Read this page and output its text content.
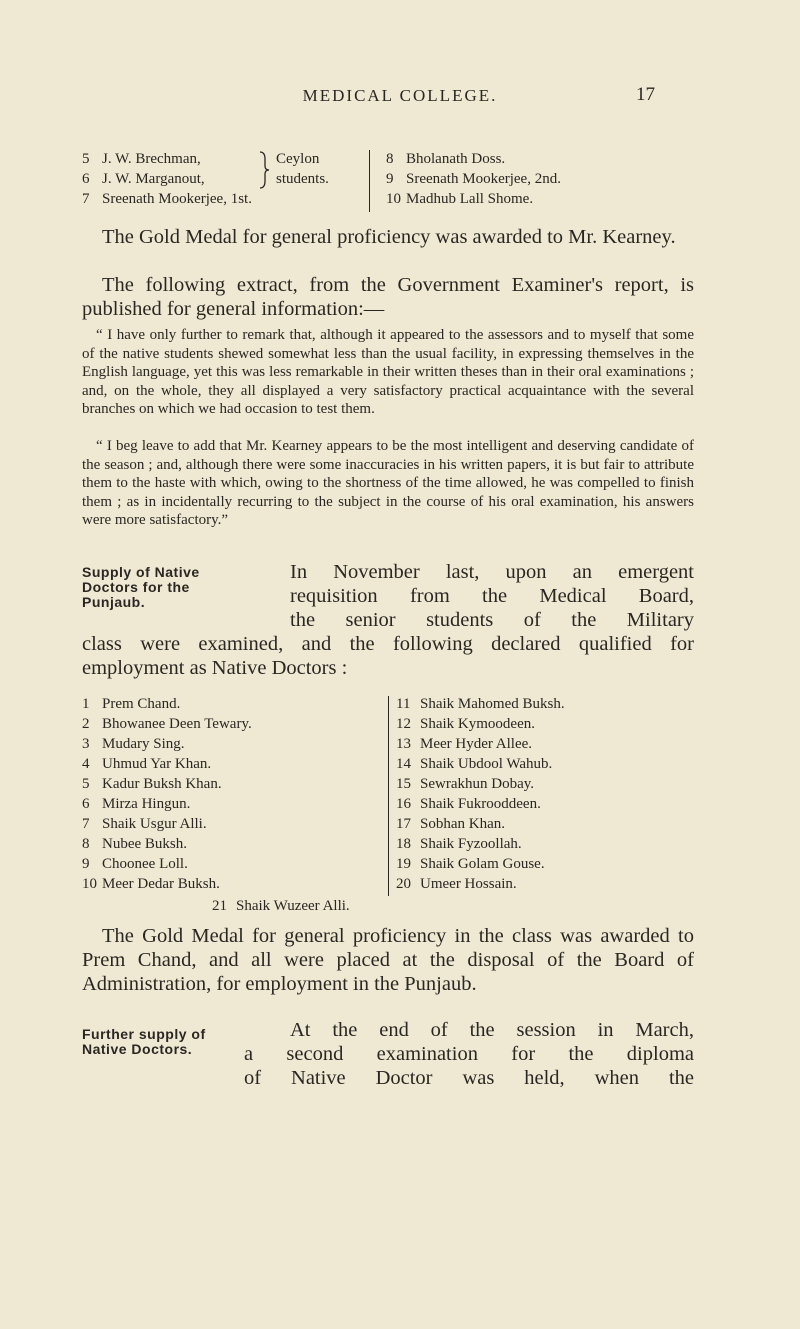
MEDICAL COLLEGE.	17
5 J. W. Brechman,
6 J. W. Marganout,
7 Sreenath Mookerjee, 1st.
Ceylon
students.
8 Bholanath Doss.
9 Sreenath Mookerjee, 2nd.
10 Madhub Lall Shome.
The Gold Medal for general proficiency was awarded to Mr. Kearney.
The following extract, from the Government Examiner's report, is published for general information:—
“ I have only further to remark that, although it appeared to the assessors and to myself that some of the native students shewed somewhat less than the usual facility, in expressing themselves in the English language, yet this was less remarkable in their written theses than in their oral examinations ; and, on the whole, they all displayed a very satisfactory practical acquaintance with the several branches on which we had occasion to test them.
“ I beg leave to add that Mr. Kearney appears to be the most intelligent and deserving candidate of the season ; and, although there were some inaccuracies in his written papers, it is but fair to attribute them to the haste with which, owing to the shortness of the time allowed, he was compelled to finish them ; as in incidentally recurring to the subject in the course of his oral examination, his answers were more satisfactory.”
Supply of Native
Doctors for the
Punjaub.
In November last, upon an emergent
requisition from the Medical Board,
the senior students of the Military
class were examined, and the following declared qualified for employment as Native Doctors :
1 Prem Chand.
2 Bhowanee Deen Tewary.
3 Mudary Sing.
4 Uhmud Yar Khan.
5 Kadur Buksh Khan.
6 Mirza Hingun.
7 Shaik Usgur Alli.
8 Nubee Buksh.
9 Choonee Loll.
10 Meer Dedar Buksh.
11 Shaik Mahomed Buksh.
12 Shaik Kymoodeen.
13 Meer Hyder Allee.
14 Shaik Ubdool Wahub.
15 Sewrakhun Dobay.
16 Shaik Fukrooddeen.
17 Sobhan Khan.
18 Shaik Fyzoollah.
19 Shaik Golam Gouse.
20 Umeer Hossain.
21 Shaik Wuzeer Alli.
The Gold Medal for general proficiency in the class was awarded to Prem Chand, and all were placed at the disposal of the Board of Administration, for employment in the Punjaub.
Further supply of
Native Doctors.
At the end of the session in March,
a second examination for the diploma
of Native Doctor was held, when the
